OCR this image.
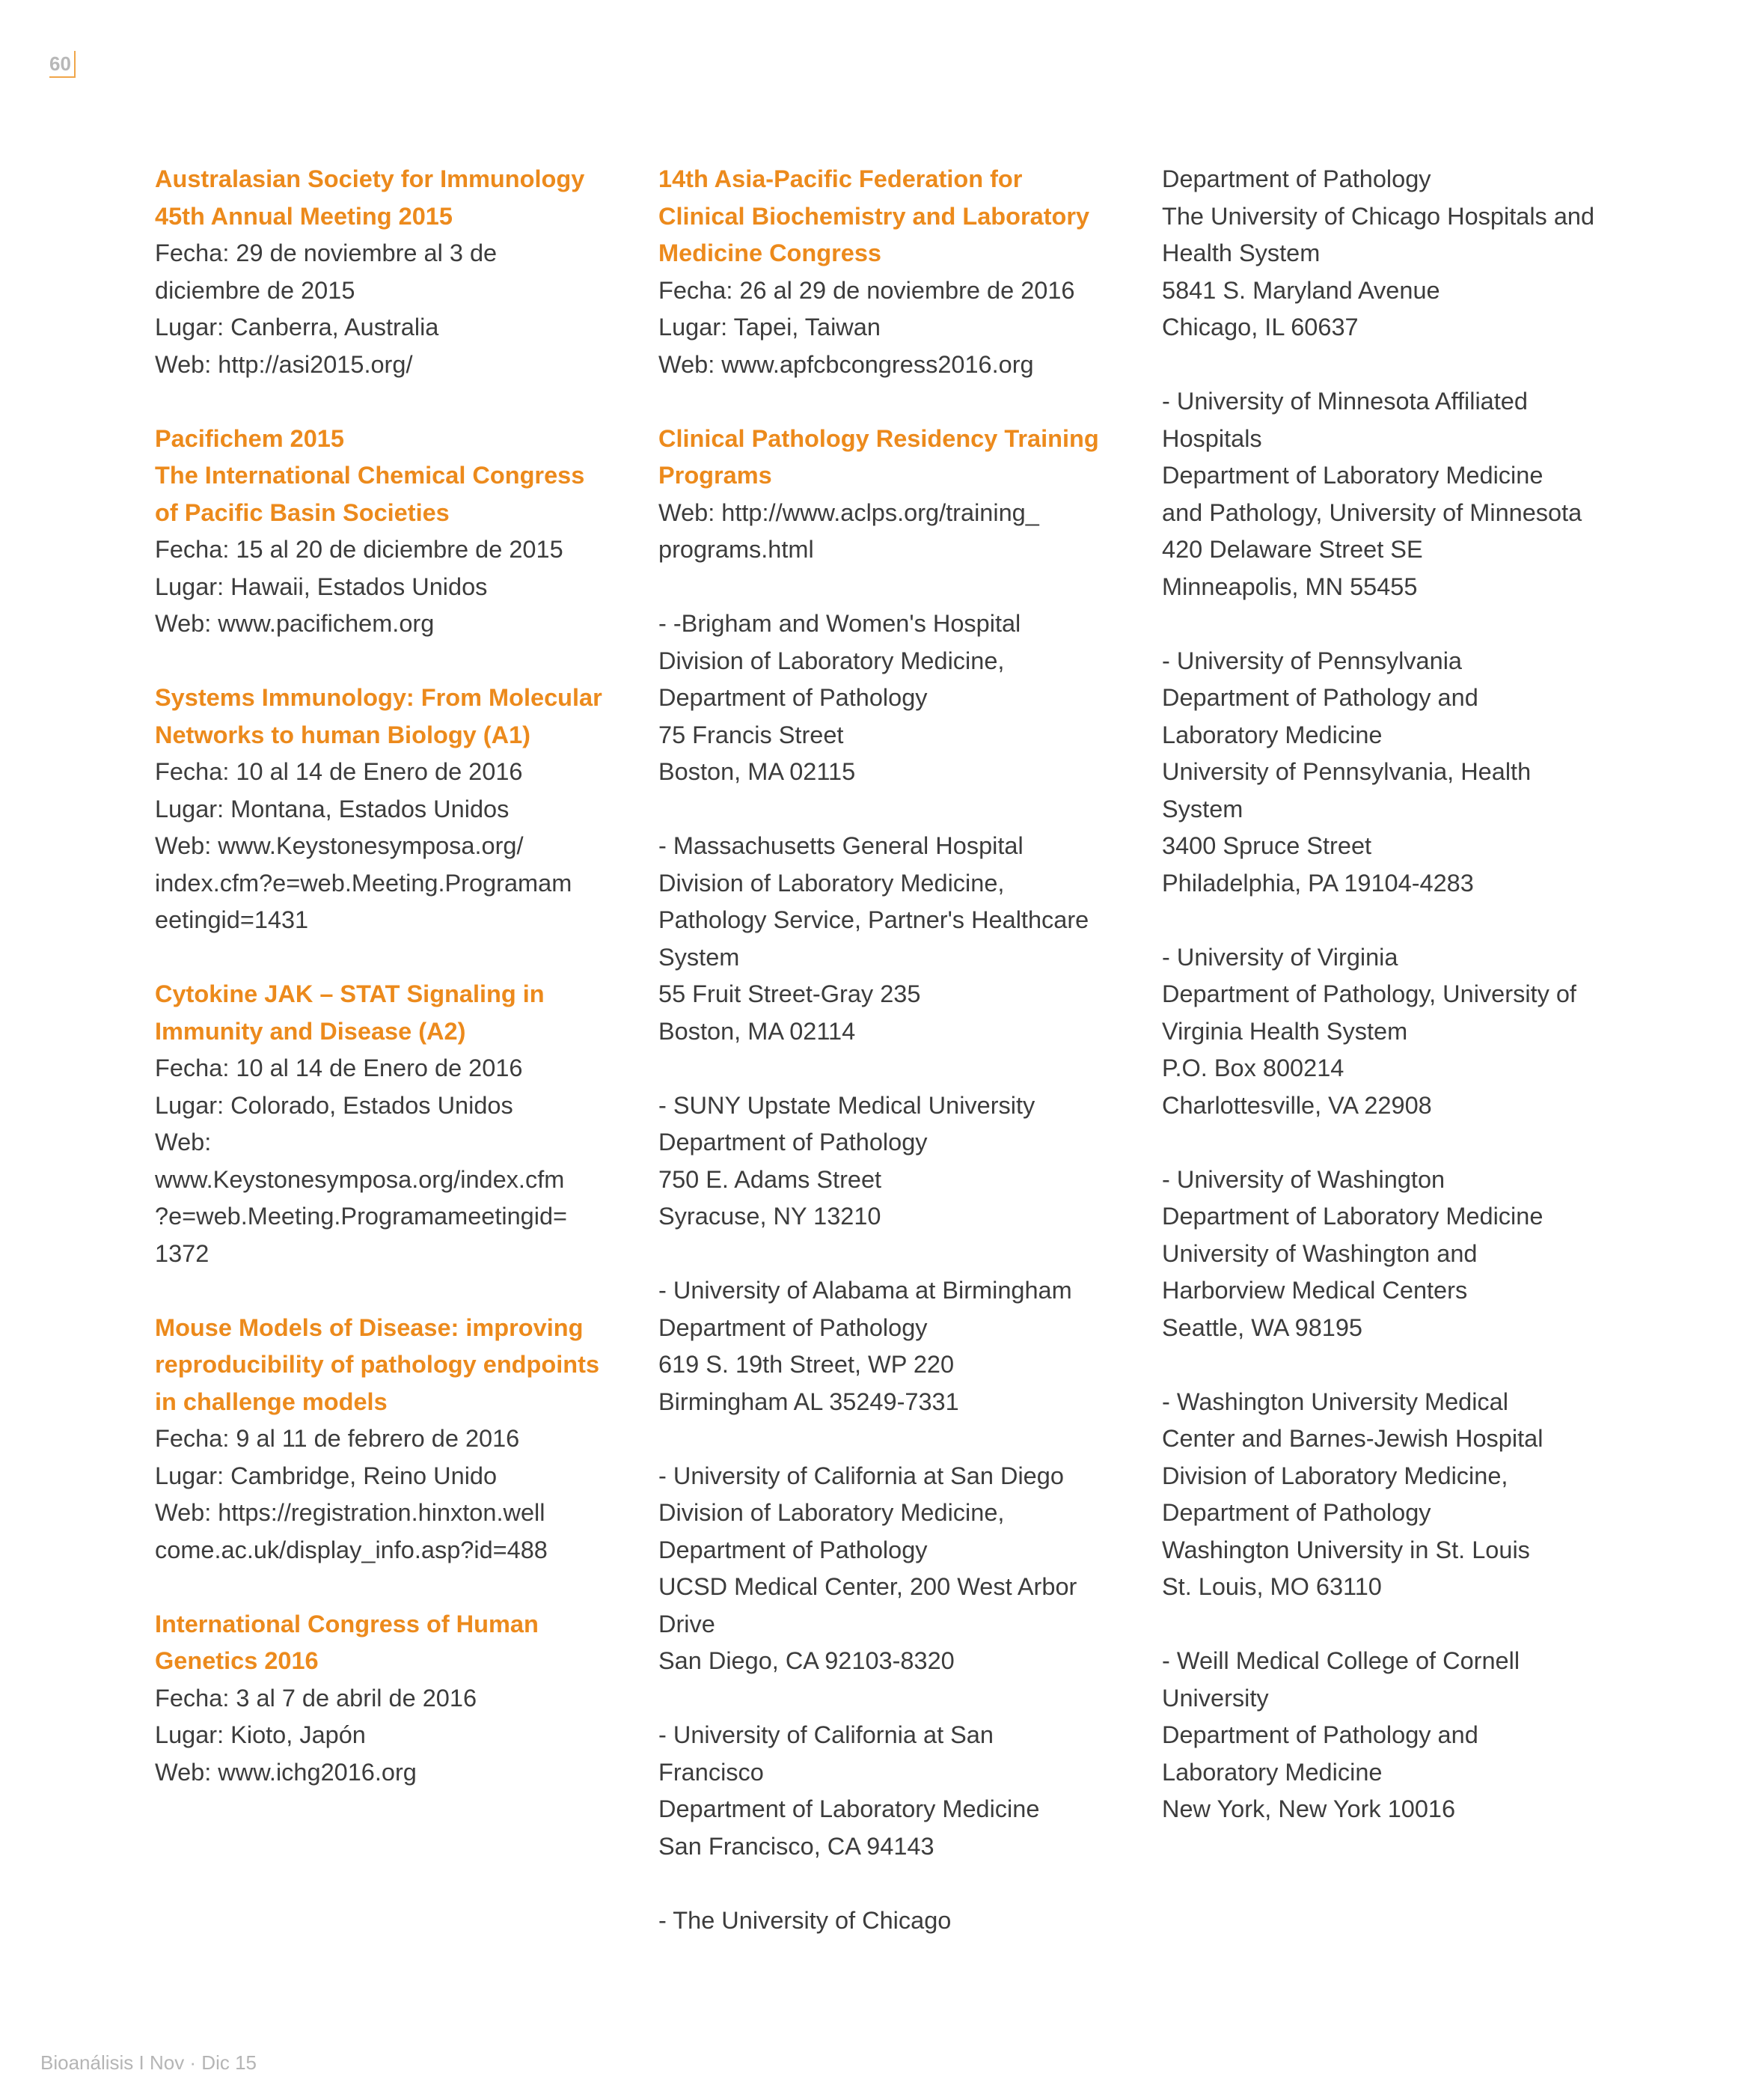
60
Australasian Society for Immunology
45th Annual Meeting 2015
Fecha: 29 de noviembre al 3 de
diciembre de 2015
Lugar: Canberra, Australia
Web: http://asi2015.org/
Pacifichem 2015
The International Chemical Congress
of Pacific Basin Societies
Fecha: 15 al 20 de diciembre de 2015
Lugar: Hawaii, Estados Unidos
Web: www.pacifichem.org
Systems Immunology: From Molecular
Networks to human Biology (A1)
Fecha: 10 al 14 de Enero de 2016
Lugar: Montana, Estados Unidos
Web: www.Keystonesymposa.org/
index.cfm?e=web.Meeting.Programam
eetingid=1431
Cytokine JAK – STAT Signaling in
Immunity and Disease (A2)
Fecha: 10 al 14 de Enero de 2016
Lugar: Colorado, Estados Unidos
Web:
www.Keystonesymposa.org/index.cfm
?e=web.Meeting.Programameetingid=
1372
Mouse Models of Disease: improving
reproducibility of pathology endpoints
in challenge models
Fecha: 9 al 11 de febrero de 2016
Lugar: Cambridge, Reino Unido
Web: https://registration.hinxton.well
come.ac.uk/display_info.asp?id=488
International Congress of Human
Genetics 2016
Fecha: 3 al 7 de abril de 2016
Lugar: Kioto, Japón
Web: www.ichg2016.org
14th Asia-Pacific Federation for
Clinical Biochemistry and Laboratory
Medicine Congress
Fecha: 26 al 29 de noviembre de 2016
Lugar: Tapei, Taiwan
Web: www.apfcbcongress2016.org
Clinical Pathology Residency Training
Programs
Web: http://www.aclps.org/training_
programs.html
- -Brigham and Women's Hospital
Division of Laboratory Medicine,
Department of Pathology
75 Francis Street
Boston, MA 02115
- Massachusetts General Hospital
Division of Laboratory Medicine,
Pathology Service, Partner's Healthcare
System
55 Fruit Street-Gray 235
Boston, MA 02114
- SUNY Upstate Medical University
Department of Pathology
750 E. Adams Street
Syracuse, NY 13210
- University of Alabama at Birmingham
Department of Pathology
619 S. 19th Street, WP 220
Birmingham AL 35249-7331
- University of California at San Diego
Division of Laboratory Medicine,
Department of Pathology
UCSD Medical Center, 200 West Arbor
Drive
San Diego, CA 92103-8320
- University of California at San
Francisco
Department of Laboratory Medicine
San Francisco, CA 94143
- The University of Chicago
Department of Pathology
The University of Chicago Hospitals and
Health System
5841 S. Maryland Avenue
Chicago, IL 60637
- University of Minnesota Affiliated
Hospitals
Department of Laboratory Medicine
and Pathology, University of Minnesota
420 Delaware Street SE
Minneapolis, MN 55455
- University of Pennsylvania
Department of Pathology and
Laboratory Medicine
University of Pennsylvania, Health
System
3400 Spruce Street
Philadelphia, PA 19104-4283
- University of Virginia
Department of Pathology, University of
Virginia Health System
P.O. Box 800214
Charlottesville, VA 22908
- University of Washington
Department of Laboratory Medicine
University of Washington and
Harborview Medical Centers
Seattle, WA 98195
- Washington University Medical
Center and Barnes-Jewish Hospital
Division of Laboratory Medicine,
Department of Pathology
Washington University in St. Louis
St. Louis, MO 63110
- Weill Medical College of Cornell
University
Department of Pathology and
Laboratory Medicine
New York, New York 10016
Bioanálisis I Nov · Dic 15
